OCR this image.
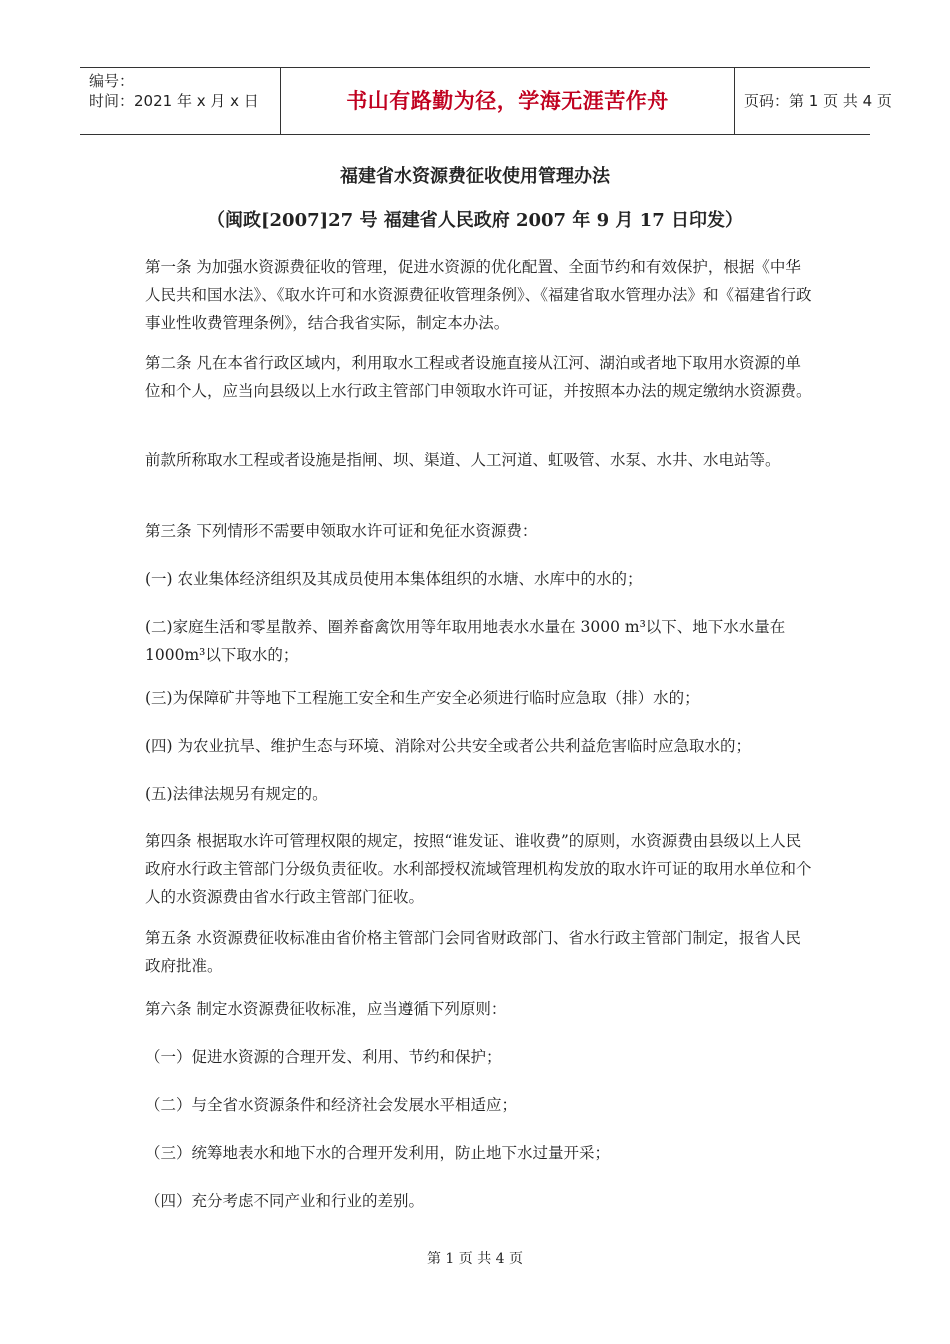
编号：
时间：2021 年 x 月 x 日	书山有路勤为径，学海无涯苦作舟	页码：第 1 页 共 4 页
福建省水资源费征收使用管理办法
（闽政[2007]27 号 福建省人民政府 2007 年 9 月 17 日印发）

第一条 为加强水资源费征收的管理，促进水资源的优化配置、全面节约和有效保护，根据《中华人民共和国水法》、《取水许可和水资源费征收管理条例》、《福建省取水管理办法》和《福建省行政事业性收费管理条例》，结合我省实际，制定本办法。

第二条 凡在本省行政区域内，利用取水工程或者设施直接从江河、湖泊或者地下取用水资源的单位和个人，应当向县级以上水行政主管部门申领取水许可证，并按照本办法的规定缴纳水资源费。

前款所称取水工程或者设施是指闸、坝、渠道、人工河道、虹吸管、水泵、水井、水电站等。

第三条 下列情形不需要申领取水许可证和免征水资源费：

(一) 农业集体经济组织及其成员使用本集体组织的水塘、水库中的水的；

(二)家庭生活和零星散养、圈养畜禽饮用等年取用地表水水量在 3000 m³以下、地下水水量在 1000m³以下取水的；

(三)为保障矿井等地下工程施工安全和生产安全必须进行临时应急取（排）水的；

(四) 为农业抗旱、维护生态与环境、消除对公共安全或者公共利益危害临时应急取水的；

(五)法律法规另有规定的。

第四条 根据取水许可管理权限的规定，按照“谁发证、谁收费”的原则，水资源费由县级以上人民政府水行政主管部门分级负责征收。水利部授权流域管理机构发放的取水许可证的取用水单位和个人的水资源费由省水行政主管部门征收。

第五条 水资源费征收标准由省价格主管部门会同省财政部门、省水行政主管部门制定，报省人民政府批准。

第六条 制定水资源费征收标准，应当遵循下列原则：

（一）促进水资源的合理开发、利用、节约和保护；

（二）与全省水资源条件和经济社会发展水平相适应；

（三）统筹地表水和地下水的合理开发利用，防止地下水过量开采；

（四）充分考虑不同产业和行业的差别。

第 1 页 共 4 页
